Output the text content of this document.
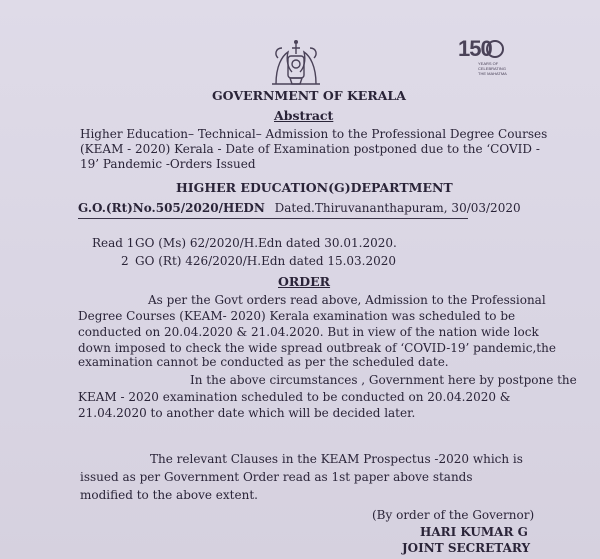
150
YEARS OF
CELEBRATING
THE MAHATMA
GOVERNMENT OF KERALA
Abstract
Higher Education– Technical– Admission to the Professional Degree Courses
(KEAM - 2020) Kerala - Date of Examination postponed due to the ‘COVID -
19’ Pandemic -Orders Issued
HIGHER EDUCATION(G)DEPARTMENT
G.O.(Rt)No.505/2020/HEDN Dated.Thiruvananthapuram, 30/03/2020
Read 1 GO (Ms) 62/2020/H.Edn dated 30.01.2020.
2 GO (Rt) 426/2020/H.Edn dated 15.03.2020
ORDER
As per the Govt orders read above, Admission to the Professional
Degree Courses (KEAM- 2020) Kerala examination was scheduled to be
conducted on 20.04.2020 & 21.04.2020. But in view of the nation wide lock
down imposed to check the wide spread outbreak of ‘COVID-19’ pandemic,the
examination cannot be conducted as per the scheduled date.
In the above circumstances , Government here by postpone the
KEAM - 2020 examination scheduled to be conducted on 20.04.2020 &
21.04.2020 to another date which will be decided later.
The relevant Clauses in the KEAM Prospectus -2020 which is
issued as per Government Order read as 1st paper above stands
modified to the above extent.
(By order of the Governor)
HARI KUMAR G
JOINT SECRETARY
